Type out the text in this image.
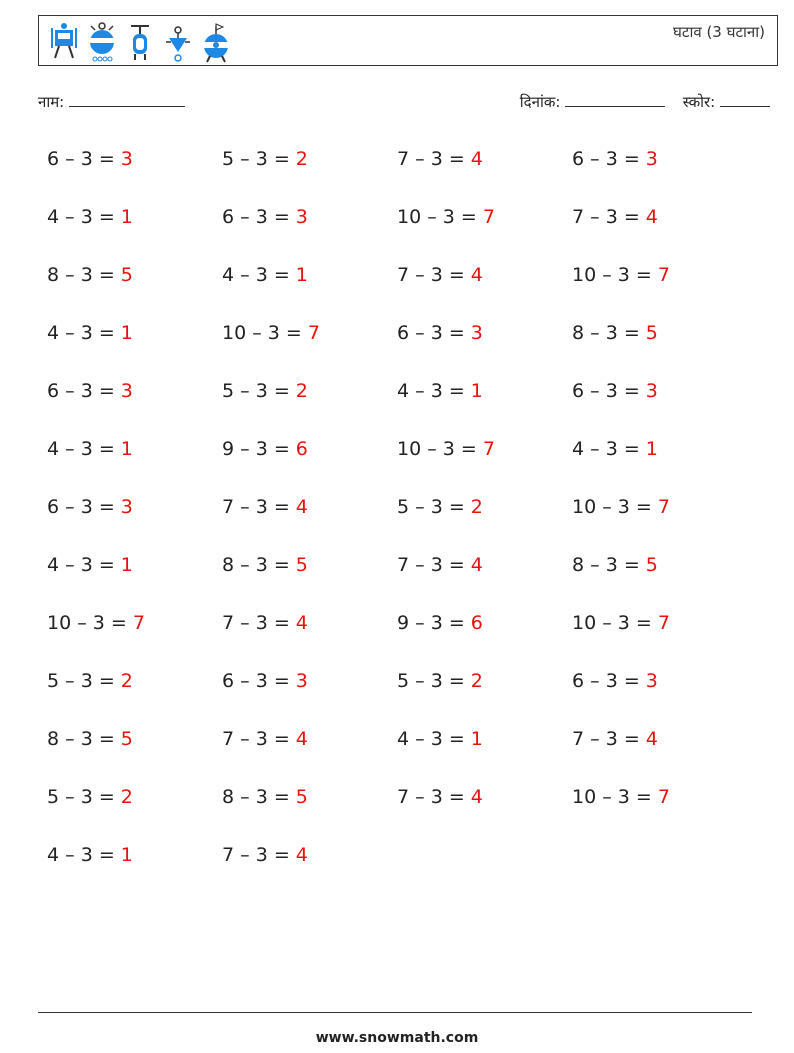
घटाव (3 घटाना)
नाम:	दिनांक:	स्कोर:
6 – 3 = 3	5 – 3 = 2	7 – 3 = 4	6 – 3 = 3
4 – 3 = 1	6 – 3 = 3	10 – 3 = 7	7 – 3 = 4
8 – 3 = 5	4 – 3 = 1	7 – 3 = 4	10 – 3 = 7
4 – 3 = 1	10 – 3 = 7	6 – 3 = 3	8 – 3 = 5
6 – 3 = 3	5 – 3 = 2	4 – 3 = 1	6 – 3 = 3
4 – 3 = 1	9 – 3 = 6	10 – 3 = 7	4 – 3 = 1
6 – 3 = 3	7 – 3 = 4	5 – 3 = 2	10 – 3 = 7
4 – 3 = 1	8 – 3 = 5	7 – 3 = 4	8 – 3 = 5
10 – 3 = 7	7 – 3 = 4	9 – 3 = 6	10 – 3 = 7
5 – 3 = 2	6 – 3 = 3	5 – 3 = 2	6 – 3 = 3
8 – 3 = 5	7 – 3 = 4	4 – 3 = 1	7 – 3 = 4
5 – 3 = 2	8 – 3 = 5	7 – 3 = 4	10 – 3 = 7
4 – 3 = 1	7 – 3 = 4
www.snowmath.com
